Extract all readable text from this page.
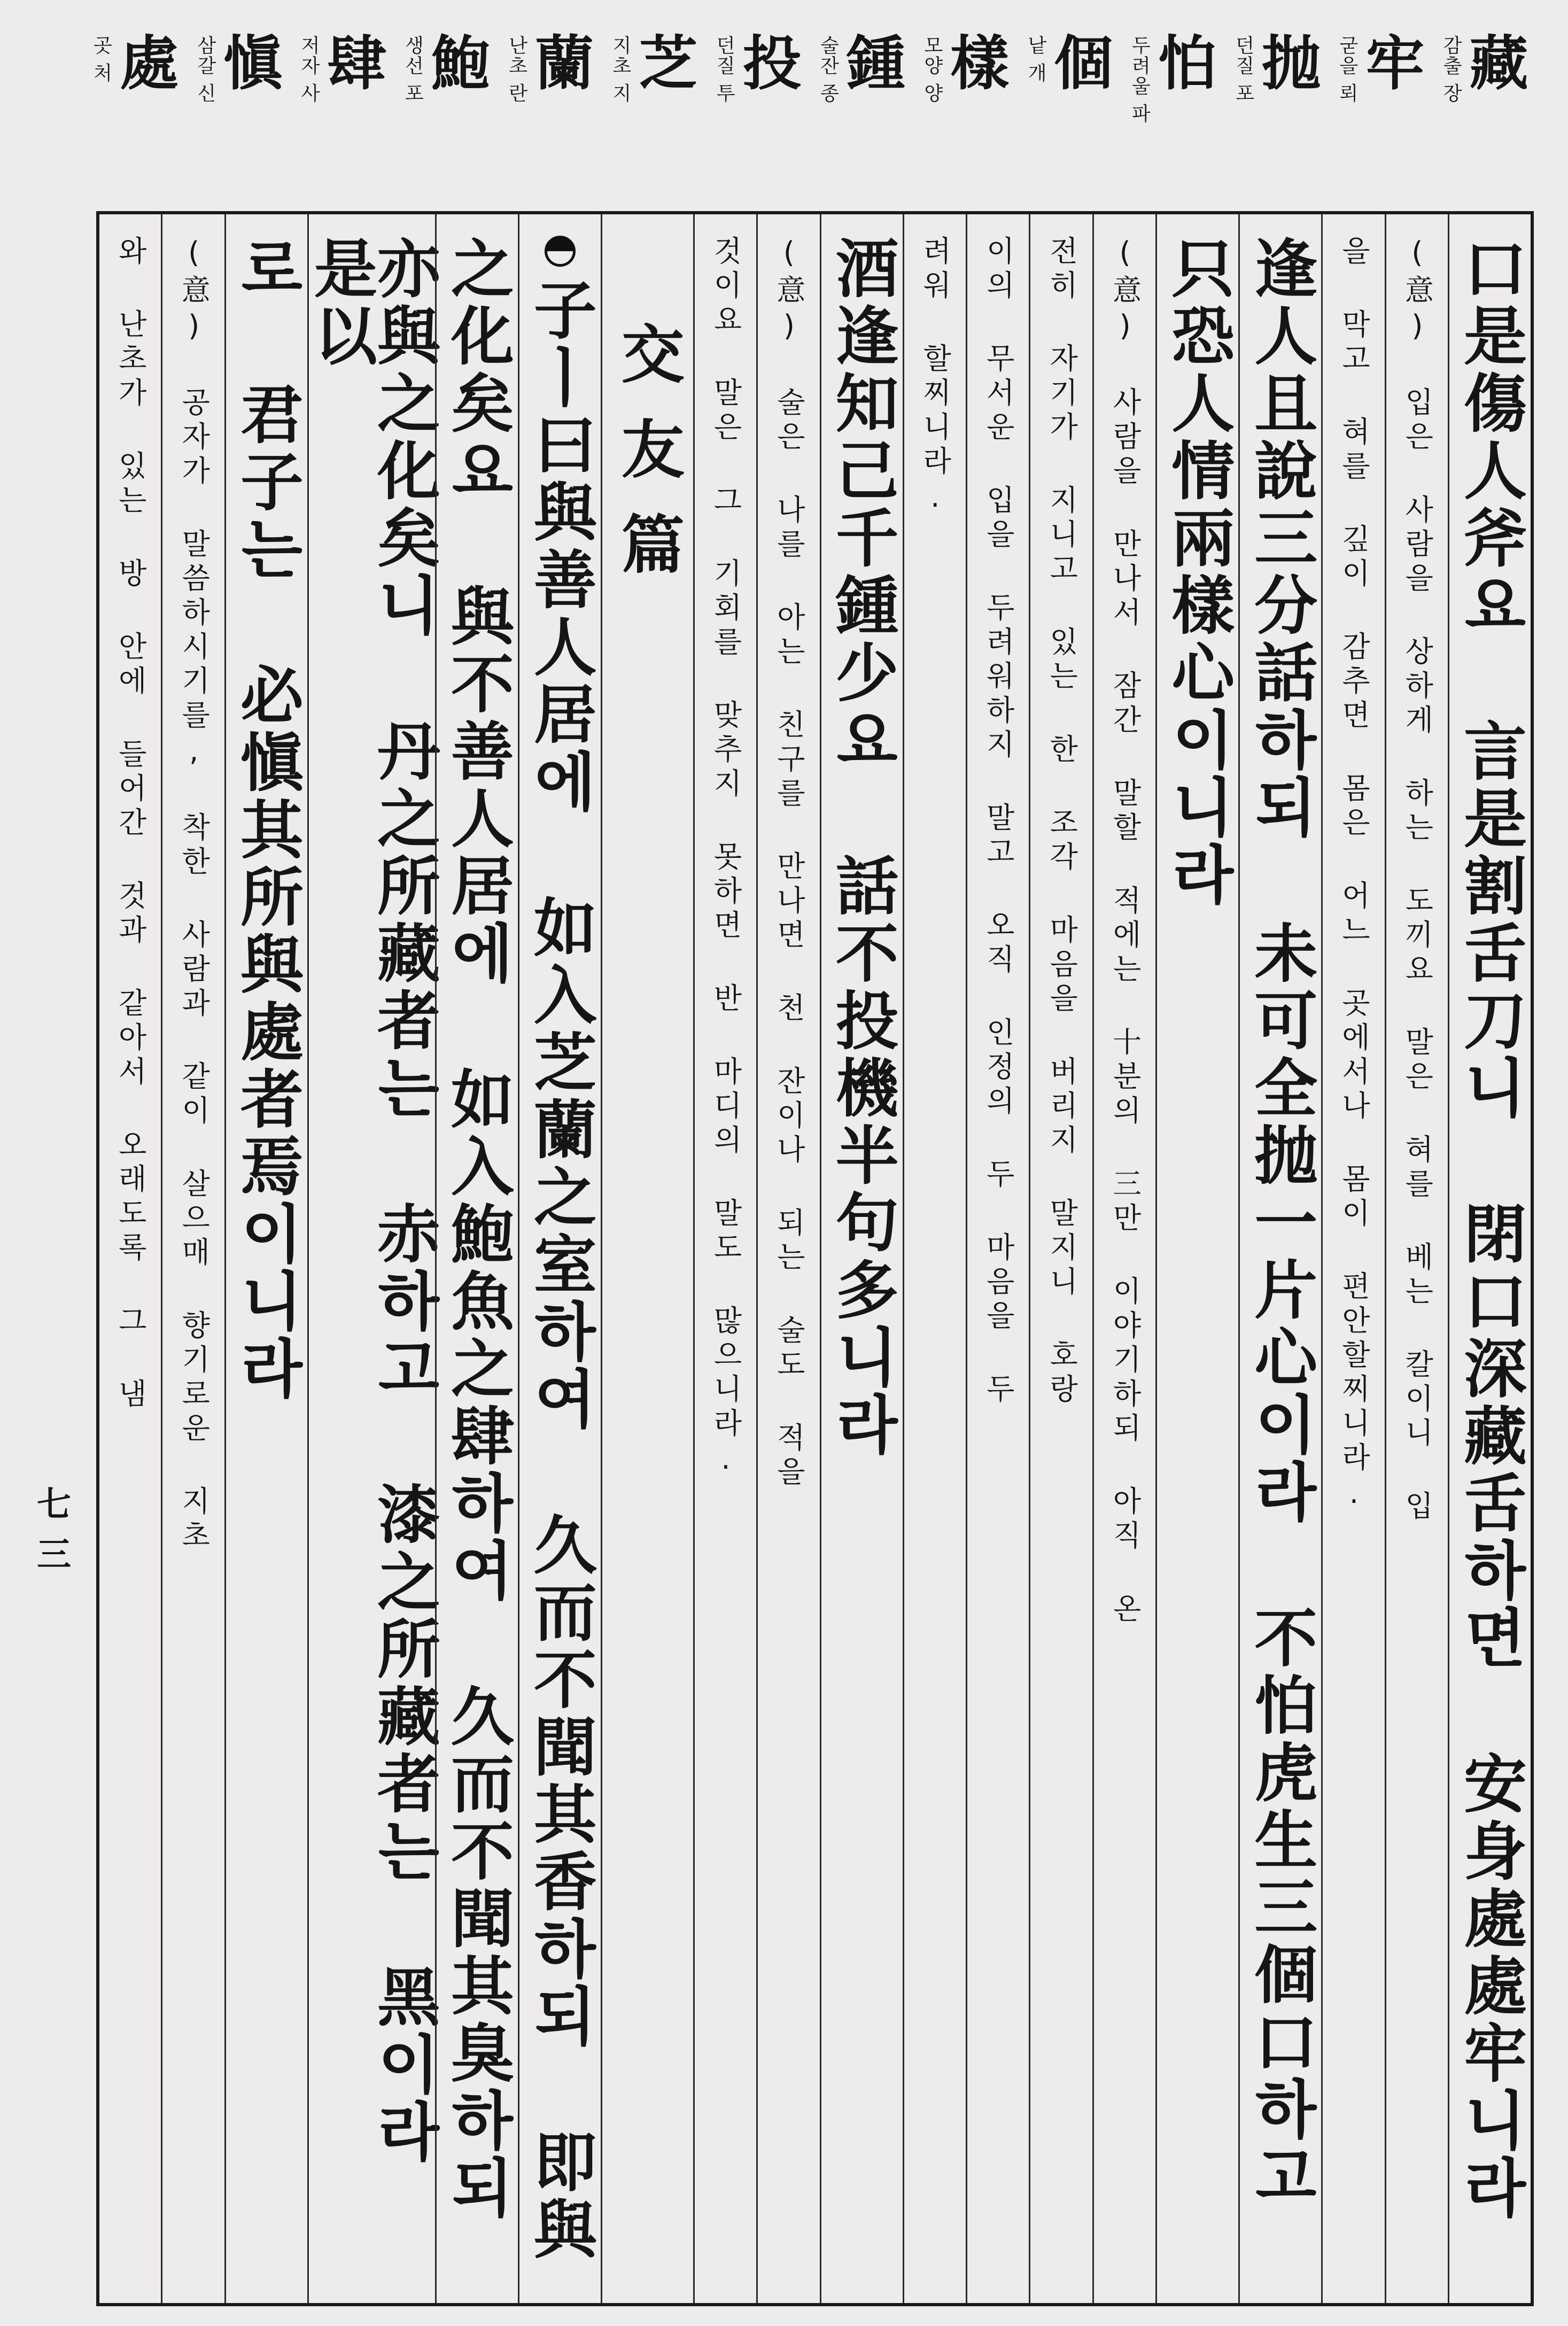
藏
감출 장
牢
굳을 뢰
抛
던질 포
怕
두려울 파
個
낱 개
樣
모양 양
鍾
술잔 종
投
던질 투
芝
지초 지
蘭
난초 란
鮑
생선 포
肆
저자 사
愼
삼갈 신
處
곳 처
口是傷人斧요 言是割舌刀니 閉口深藏舌하면 安身處處牢니라
(意) 입은 사람을 상하게 하는 도끼요 말은 혀를 베는 칼이니 입
을 막고 혀를 깊이 감추면 몸은 어느 곳에서나 몸이 편안할찌니라.
逢人且說三分話하되 未可全抛一片心이라 不怕虎生三個口하고
只恐人情兩樣心이니라
(意) 사람을 만나서 잠간 말할 적에는 十분의 三만 이야기하되 아직 온
전히 자기가 지니고 있는 한 조각 마음을 버리지 말지니 호랑
이의 무서운 입을 두려워하지 말고 오직 인정의 두 마음을 두
려워 할찌니라.
酒逢知己千鍾少요 話不投機半句多니라
(意) 술은 나를 아는 친구를 만나면 천 잔이나 되는 술도 적을
것이요 말은 그 기회를 맞추지 못하면 반 마디의 말도 많으니라.
交友篇
子ㅣ曰與善人居에 如入芝蘭之室하여 久而不聞其香하되 即與
之化矣요 與不善人居에 如入鮑魚之肆하여 久而不聞其臭하되
亦與之化矣니 丹之所藏者는 赤하고 漆之所藏者는 黑이라 是以
로 君子는 必愼其所與處者焉이니라
(意) 공자가 말씀하시기를, 착한 사람과 같이 살으매 향기로운 지초
와 난초가 있는 방 안에 들어간 것과 같아서 오래도록 그 냄
七三
